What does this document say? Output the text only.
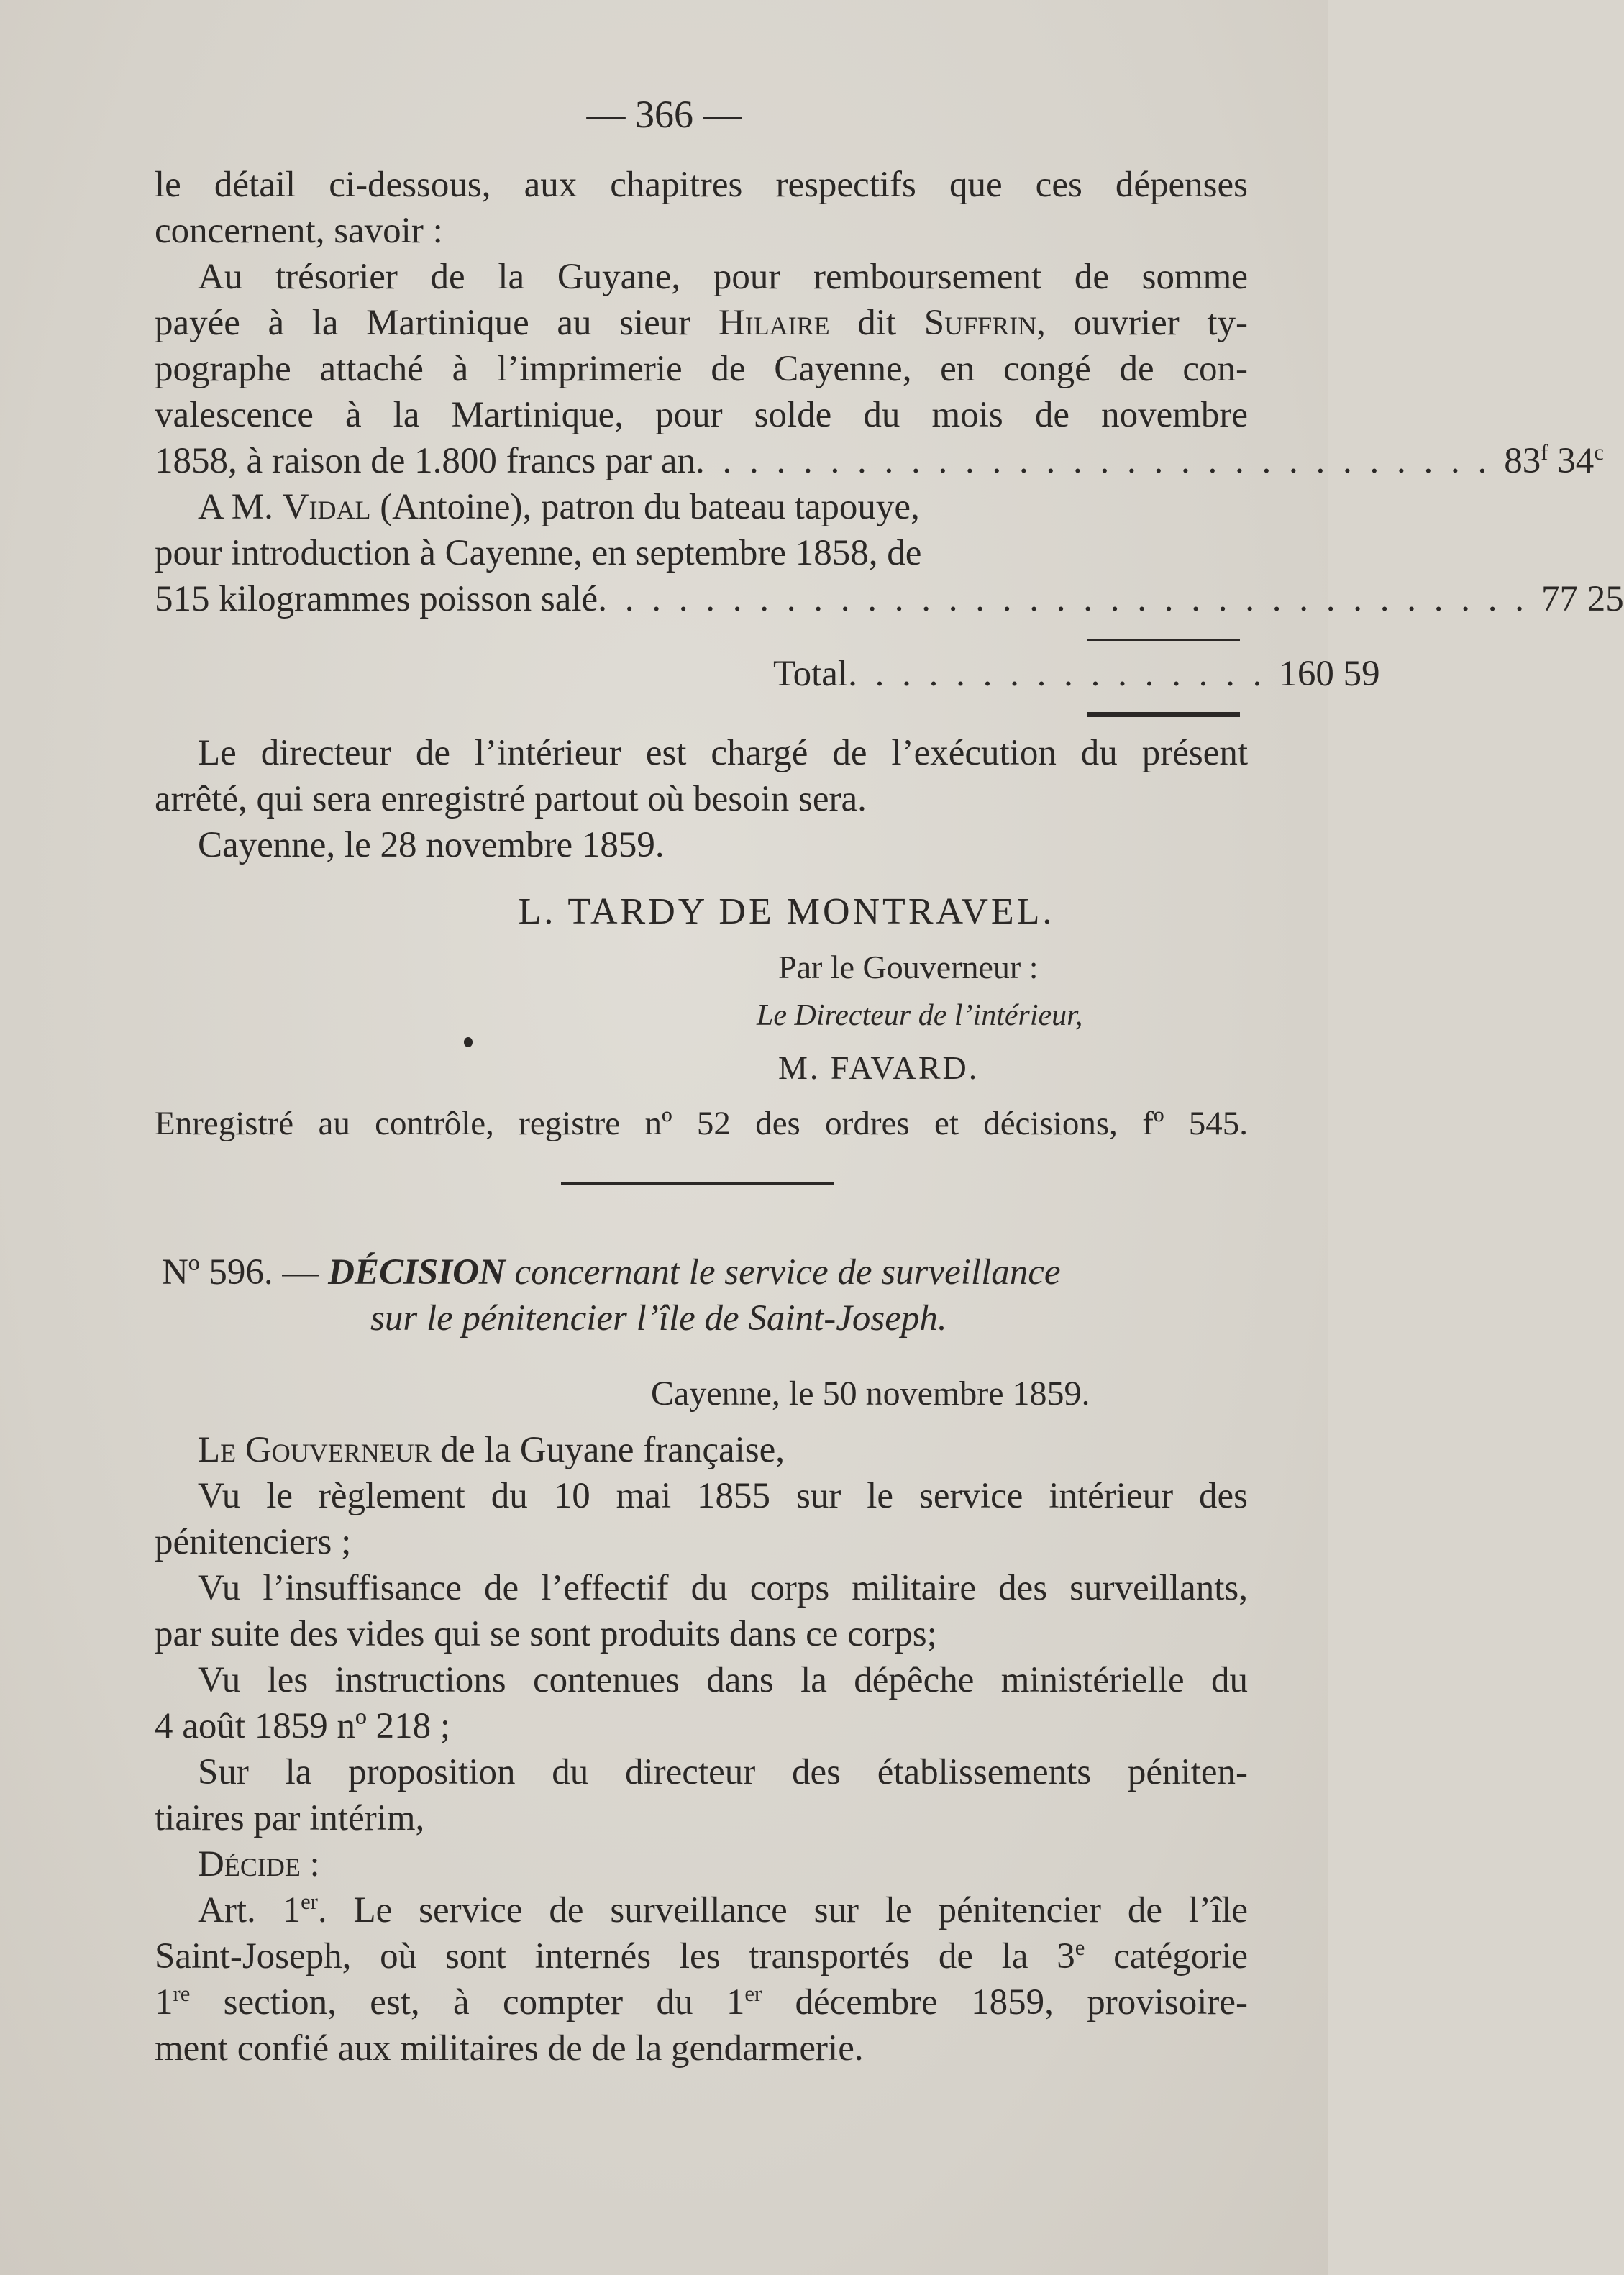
— 366 —
le détail ci-dessous, aux chapitres respectifs que ces dépenses
concernent, savoir :
Au trésorier de la Guyane, pour remboursement de somme
payée à la Martinique au sieur Hilaire dit Suffrin, ouvrier ty-
pographe attaché à l’imprimerie de Cayenne, en congé de con-
valescence à la Martinique, pour solde du mois de novembre
1858, à raison de 1.800 francs par an . . . . . . . . . . . . . . . . . . . . . . . . . . . . . . 83$^f$ 34$^c$
A M. Vidal (Antoine), patron du bateau tapouye,
pour introduction à Cayenne, en septembre 1858, de
515 kilogrammes poisson salé . . . . . . . . . . . . . . . . . . . . . . . . . . . . . . . . . . . 77 25
Total . . . . . . . . . . . . . . . . 160 59
Le directeur de l’intérieur est chargé de l’exécution du présent
arrêté, qui sera enregistré partout où besoin sera.
Cayenne, le 28 novembre 1859.
L. TARDY DE MONTRAVEL.
Par le Gouverneur :
Le Directeur de l’intérieur,
M. FAVARD.
Enregistré au contrôle, registre nº 52 des ordres et décisions, fº 545.
Nº 596. — DÉCISION concernant le service de surveillance
sur le pénitencier l’île de Saint-Joseph.
Cayenne, le 50 novembre 1859.
Le Gouverneur de la Guyane française,
Vu le règlement du 10 mai 1855 sur le service intérieur des
pénitenciers ;
Vu l’insuffisance de l’effectif du corps militaire des surveillants,
par suite des vides qui se sont produits dans ce corps;
Vu les instructions contenues dans la dépêche ministérielle du
4 août 1859 nº 218 ;
Sur la proposition du directeur des établissements péniten-
tiaires par intérim,
Décide :
Art. 1er. Le service de surveillance sur le pénitencier de l’île
Saint-Joseph, où sont internés les transportés de la 3e catégorie
1re section, est, à compter du 1er décembre 1859, provisoire-
ment confié aux militaires de de la gendarmerie.
